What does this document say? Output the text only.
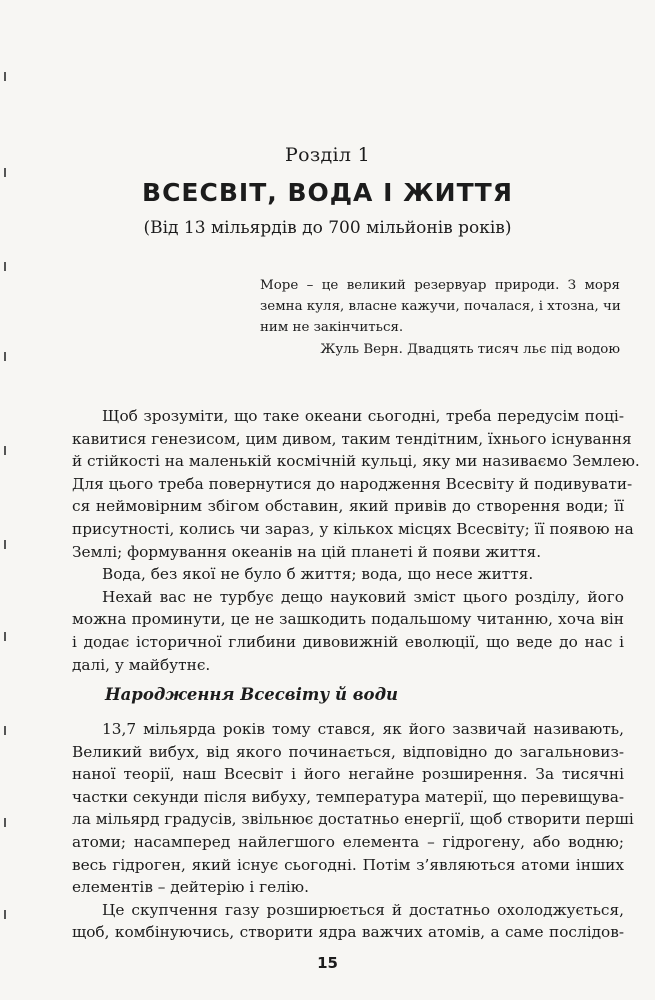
Розділ 1
ВСЕСВІТ, ВОДА І ЖИТТЯ
(Від 13 мільярдів до 700 мільйонів років)
Море – це великий резервуар природи. З моря
земна куля, власне кажучи, почалася, і хтозна, чи
ним не закінчиться.
Жуль Верн. Двадцять тисяч льє під водою
Щоб зрозуміти, що таке океани сьогодні, треба передусім поці-
кавитися генезисом, цим дивом, таким тендітним, їхнього існування
й стійкості на маленькій космічній кульці, яку ми називаємо Землею.
Для цього треба повернутися до народження Всесвіту й подивувати-
ся неймовірним збігом обставин, який привів до створення води; її
присутності, колись чи зараз, у кількох місцях Всесвіту; її появою на
Землі; формування океанів на цій планеті й появи життя.
Вода, без якої не було б життя; вода, що несе життя.
Нехай вас не турбує дещо науковий зміст цього розділу, його
можна проминути, це не зашкодить подальшому читанню, хоча він
і додає історичної глибини дивовижній еволюції, що веде до нас і
далі, у майбутнє.
Народження Всесвіту й води
13,7 мільярда років тому стався, як його зазвичай називають,
Великий вибух, від якого починається, відповідно до загальновиз-
наної теорії, наш Всесвіт і його негайне розширення. За тисячні
частки секунди після вибуху, температура матерії, що перевищува-
ла мільярд градусів, звільнює достатньо енергії, щоб створити перші
атоми; насамперед найлегшого елемента – гідрогену, або водню;
весь гідроген, який існує сьогодні. Потім з’являються атоми інших
елементів – дейтерію і гелію.
Це скупчення газу розширюється й достатньо охолоджується,
щоб, комбінуючись, створити ядра важчих атомів, а саме послідов-
15
